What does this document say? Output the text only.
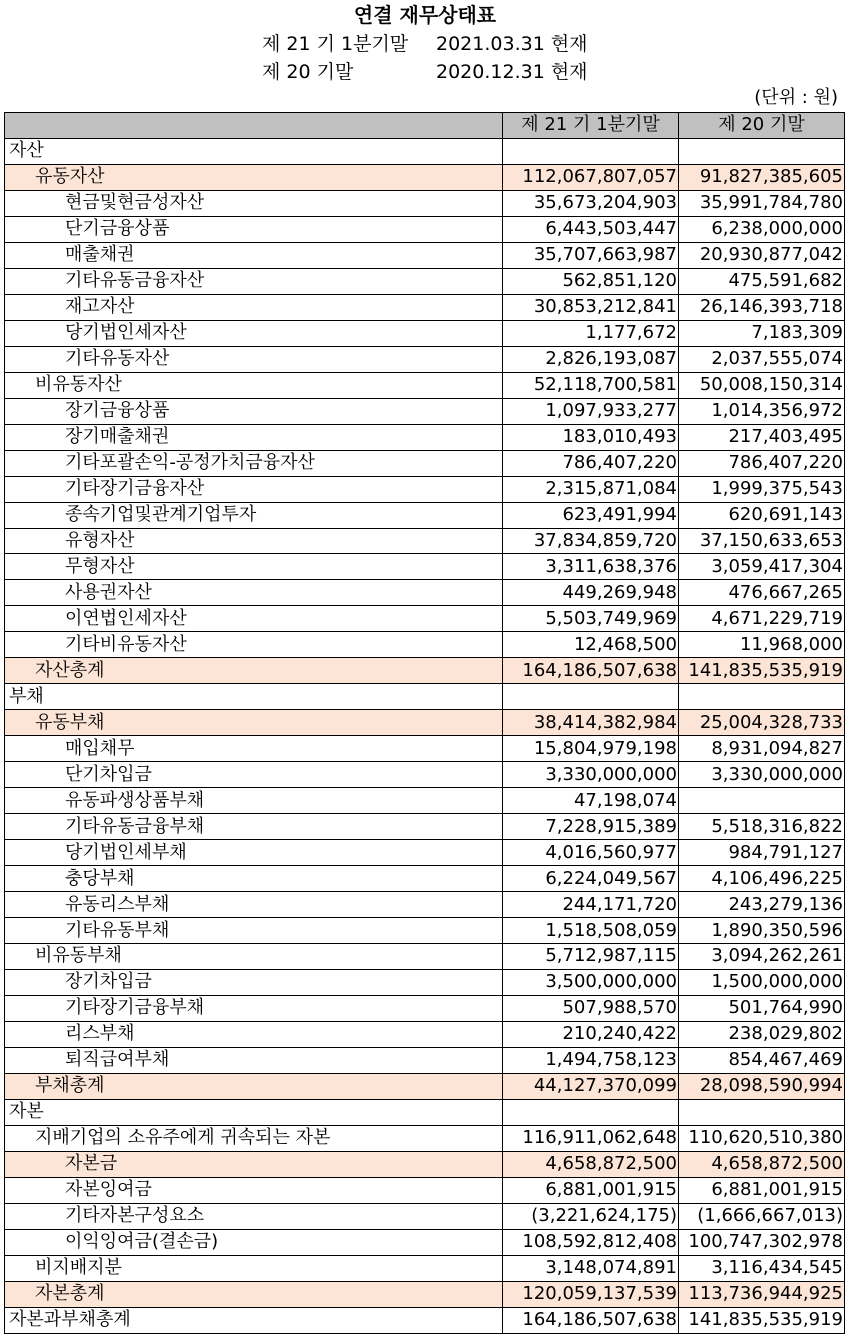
연결 재무상태표
제 21 기 1분기말 2021.03.31 현재
제 20 기말	2020.12.31 현재
(단위 : 원)
	제 21 기 1분기말	제 20 기말
자산		
유동자산	112,067,807,057	91,827,385,605
현금및현금성자산	35,673,204,903	35,991,784,780
단기금융상품	6,443,503,447	6,238,000,000
매출채권	35,707,663,987	20,930,877,042
기타유동금융자산	562,851,120	475,591,682
재고자산	30,853,212,841	26,146,393,718
당기법인세자산	1,177,672	7,183,309
기타유동자산	2,826,193,087	2,037,555,074
비유동자산	52,118,700,581	50,008,150,314
장기금융상품	1,097,933,277	1,014,356,972
장기매출채권	183,010,493	217,403,495
기타포괄손익-공정가치금융자산	786,407,220	786,407,220
기타장기금융자산	2,315,871,084	1,999,375,543
종속기업및관계기업투자	623,491,994	620,691,143
유형자산	37,834,859,720	37,150,633,653
무형자산	3,311,638,376	3,059,417,304
사용권자산	449,269,948	476,667,265
이연법인세자산	5,503,749,969	4,671,229,719
기타비유동자산	12,468,500	11,968,000
자산총계	164,186,507,638	141,835,535,919
부채		
유동부채	38,414,382,984	25,004,328,733
매입채무	15,804,979,198	8,931,094,827
단기차입금	3,330,000,000	3,330,000,000
유동파생상품부채	47,198,074	
기타유동금융부채	7,228,915,389	5,518,316,822
당기법인세부채	4,016,560,977	984,791,127
충당부채	6,224,049,567	4,106,496,225
유동리스부채	244,171,720	243,279,136
기타유동부채	1,518,508,059	1,890,350,596
비유동부채	5,712,987,115	3,094,262,261
장기차입금	3,500,000,000	1,500,000,000
기타장기금융부채	507,988,570	501,764,990
리스부채	210,240,422	238,029,802
퇴직급여부채	1,494,758,123	854,467,469
부채총계	44,127,370,099	28,098,590,994
자본		
지배기업의 소유주에게 귀속되는 자본	116,911,062,648	110,620,510,380
자본금	4,658,872,500	4,658,872,500
자본잉여금	6,881,001,915	6,881,001,915
기타자본구성요소	(3,221,624,175)	(1,666,667,013)
이익잉여금(결손금)	108,592,812,408	100,747,302,978
비지배지분	3,148,074,891	3,116,434,545
자본총계	120,059,137,539	113,736,944,925
자본과부채총계	164,186,507,638	141,835,535,919
